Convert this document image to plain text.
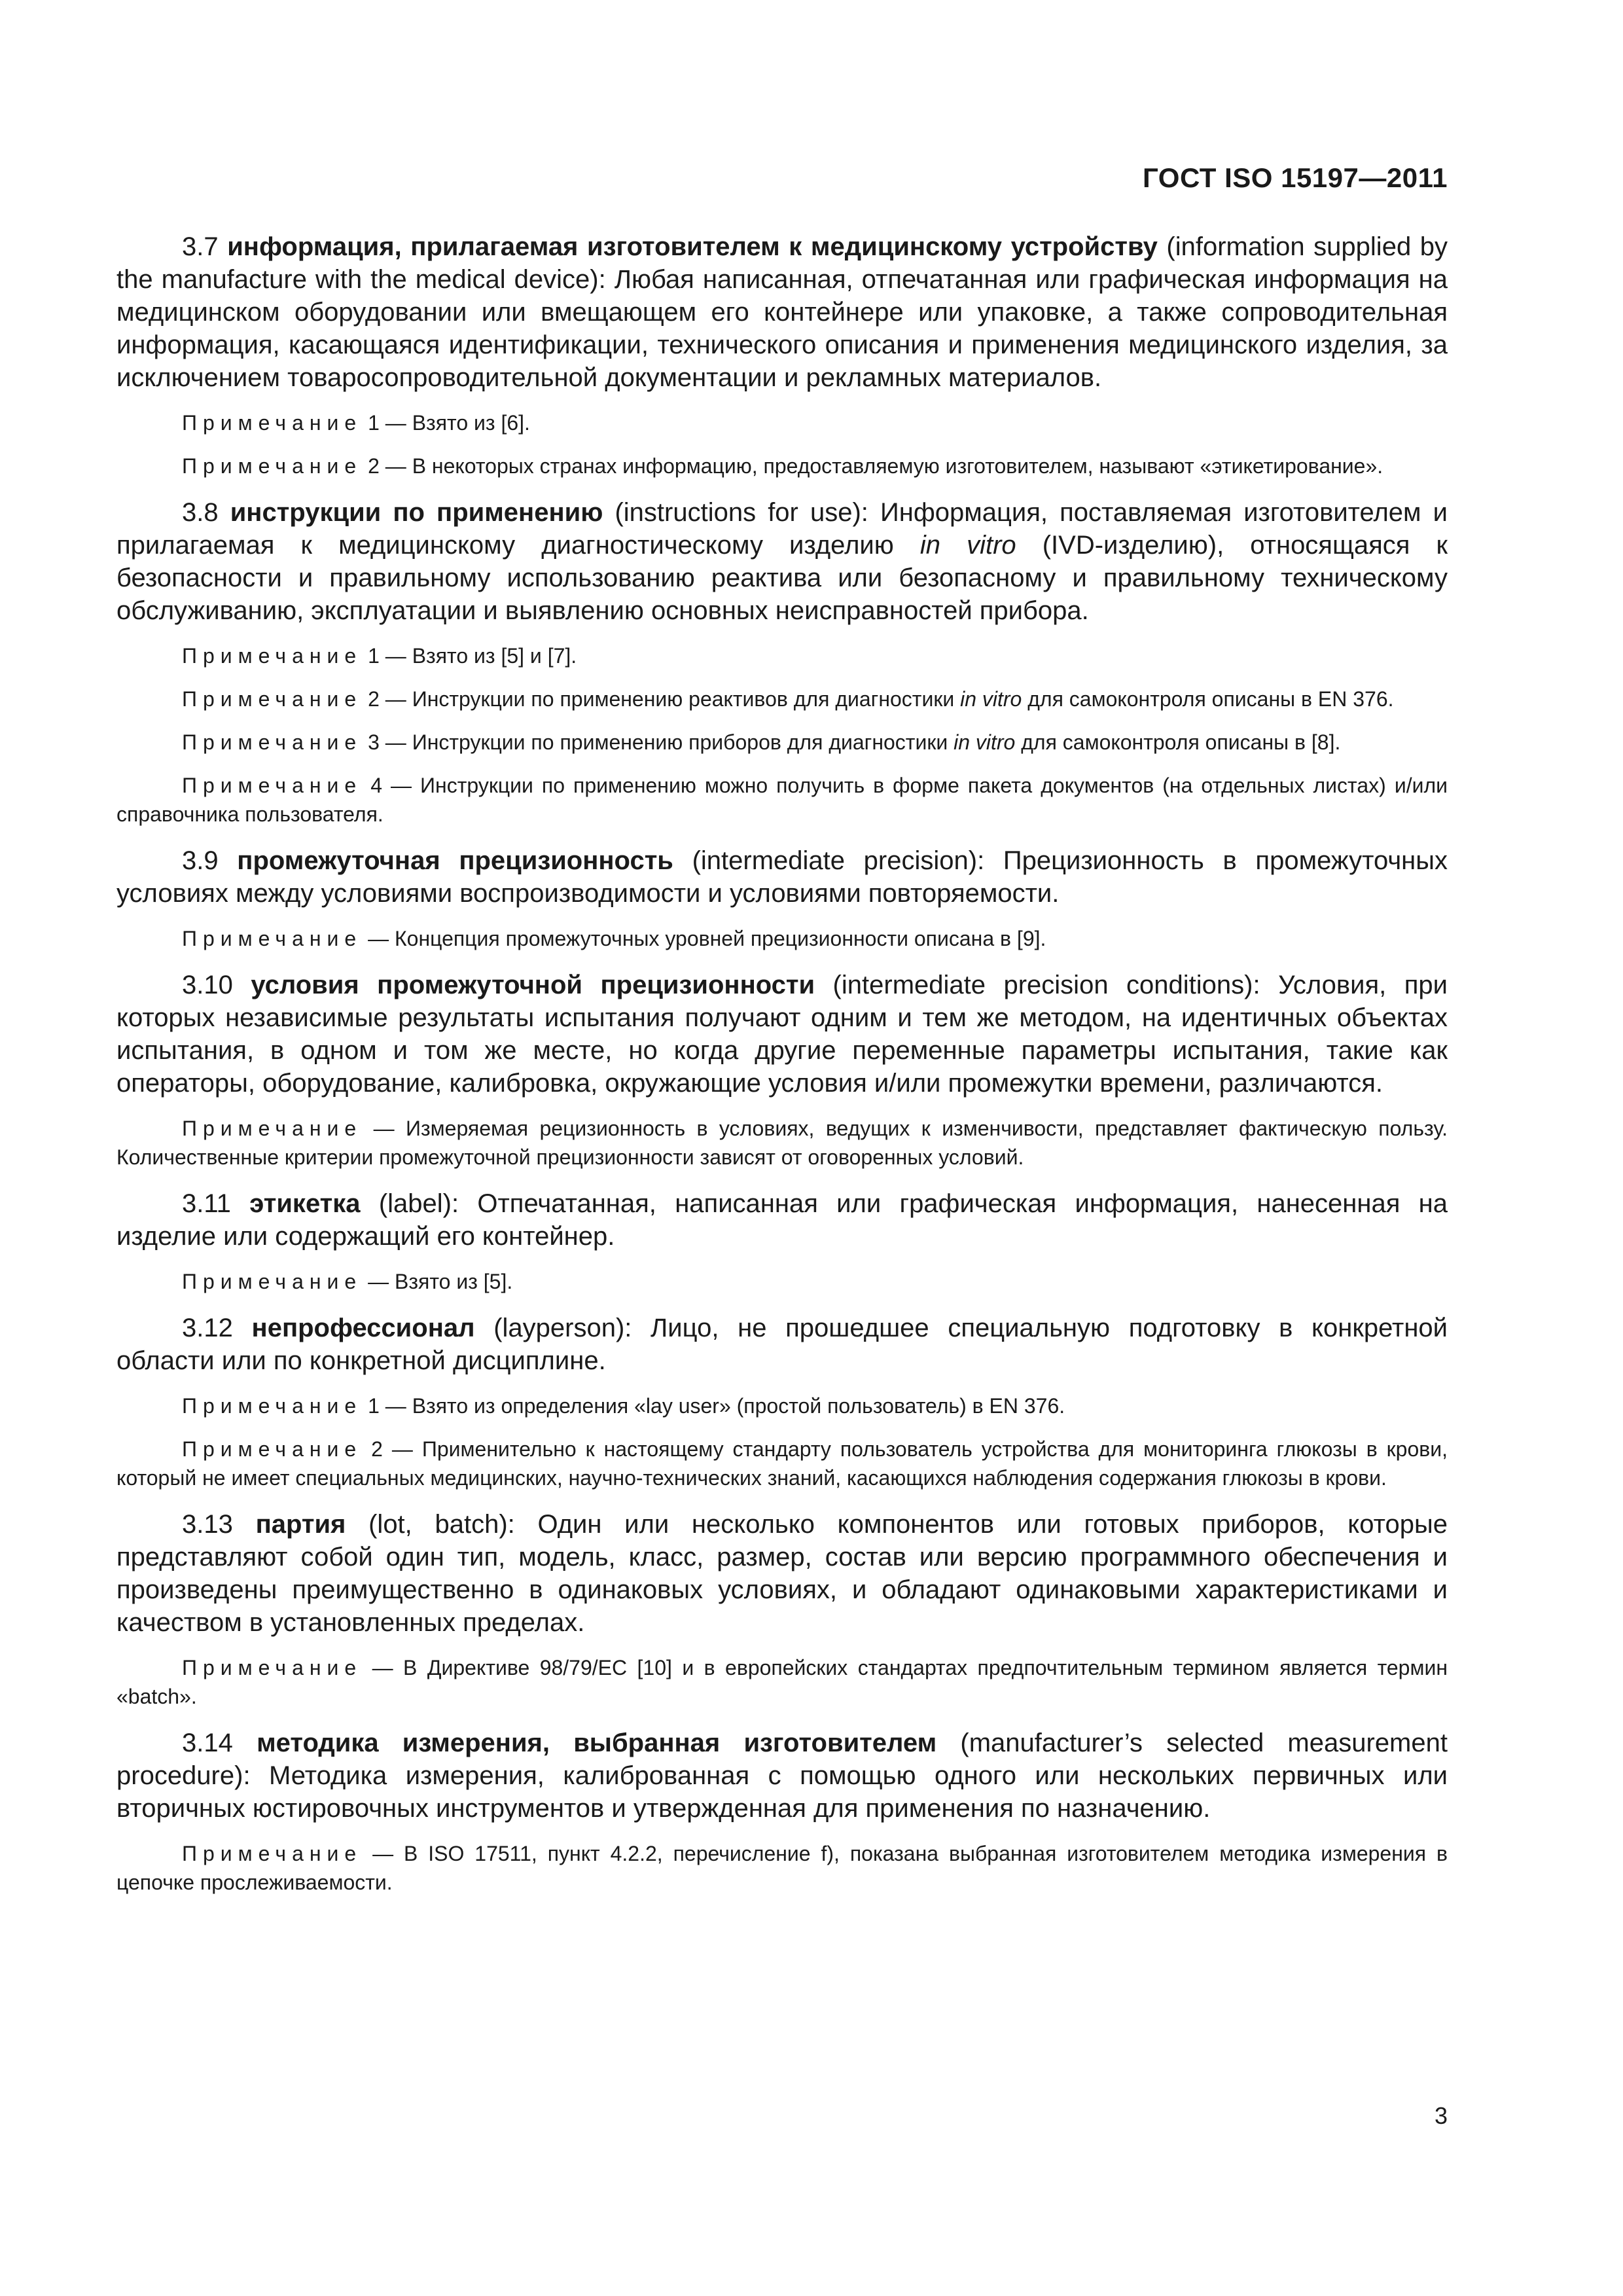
ГОСТ ISO 15197—2011

3.7 информация, прилагаемая изготовителем к медицинскому устройству (information supplied by the manufacture with the medical device): Любая написанная, отпечатанная или графическая информация на медицинском оборудовании или вмещающем его контейнере или упаковке, а также сопроводительная информация, касающаяся идентификации, технического описания и применения медицинского изделия, за исключением товаросопроводительной документации и рекламных материалов.

Примечание 1 — Взято из [6].

Примечание 2 — В некоторых странах информацию, предоставляемую изготовителем, называют «этикетирование».

3.8 инструкции по применению (instructions for use): Информация, поставляемая изготовителем и прилагаемая к медицинскому диагностическому изделию in vitro (IVD-изделию), относящаяся к безопасности и правильному использованию реактива или безопасному и правильному техническому обслуживанию, эксплуатации и выявлению основных неисправностей прибора.

Примечание 1 — Взято из [5] и [7].

Примечание 2 — Инструкции по применению реактивов для диагностики in vitro для самоконтроля описаны в EN 376.

Примечание 3 — Инструкции по применению приборов для диагностики in vitro для самоконтроля описаны в [8].

Примечание 4 — Инструкции по применению можно получить в форме пакета документов (на отдельных листах) и/или справочника пользователя.

3.9 промежуточная прецизионность (intermediate precision): Прецизионность в промежуточных условиях между условиями воспроизводимости и условиями повторяемости.

Примечание — Концепция промежуточных уровней прецизионности описана в [9].

3.10 условия промежуточной прецизионности (intermediate precision conditions): Условия, при которых независимые результаты испытания получают одним и тем же методом, на идентичных объектах испытания, в одном и том же месте, но когда другие переменные параметры испытания, такие как операторы, оборудование, калибровка, окружающие условия и/или промежутки времени, различаются.

Примечание — Измеряемая рецизионность в условиях, ведущих к изменчивости, представляет фактическую пользу. Количественные критерии промежуточной прецизионности зависят от оговоренных условий.

3.11 этикетка (label): Отпечатанная, написанная или графическая информация, нанесенная на изделие или содержащий его контейнер.

Примечание — Взято из [5].

3.12 непрофессионал (layperson): Лицо, не прошедшее специальную подготовку в конкретной области или по конкретной дисциплине.

Примечание 1 — Взято из определения «lay user» (простой пользователь) в EN 376.

Примечание 2 — Применительно к настоящему стандарту пользователь устройства для мониторинга глюкозы в крови, который не имеет специальных медицинских, научно-технических знаний, касающихся наблюдения содержания глюкозы в крови.

3.13 партия (lot, batch): Один или несколько компонентов или готовых приборов, которые представляют собой один тип, модель, класс, размер, состав или версию программного обеспечения и произведены преимущественно в одинаковых условиях, и обладают одинаковыми характеристиками и качеством в установленных пределах.

Примечание — В Директиве 98/79/ЕС [10] и в европейских стандартах предпочтительным термином является термин «batch».

3.14 методика измерения, выбранная изготовителем (manufacturer’s selected measurement procedure): Методика измерения, калиброванная с помощью одного или нескольких первичных или вторичных юстировочных инструментов и утвержденная для применения по назначению.

Примечание — В ISO 17511, пункт 4.2.2, перечисление f), показана выбранная изготовителем методика измерения в цепочке прослеживаемости.

3
